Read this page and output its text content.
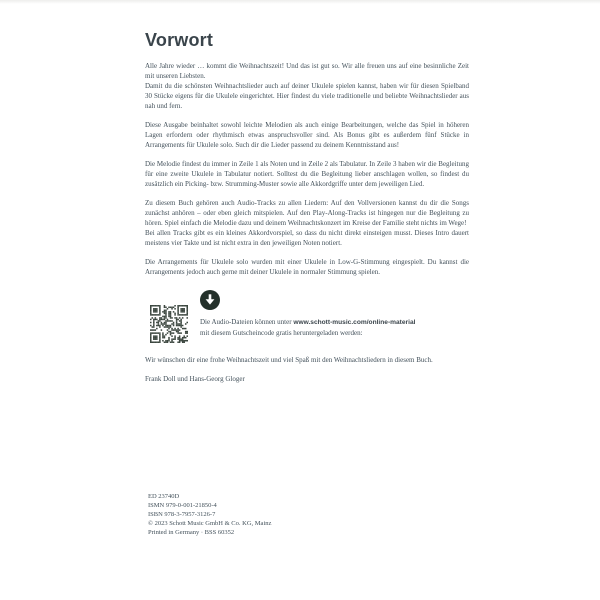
Vorwort

Alle Jahre wieder … kommt die Weihnachtszeit! Und das ist gut so. Wir alle freuen uns auf eine besinnliche Zeit mit unseren Liebsten.
Damit du die schönsten Weihnachtslieder auch auf deiner Ukulele spielen kannst, haben wir für diesen Spielband 30 Stücke eigens für die Ukulele eingerichtet. Hier findest du viele traditionelle und beliebte Weihnachtslieder aus nah und fern.

Diese Ausgabe beinhaltet sowohl leichte Melodien als auch einige Bearbeitungen, welche das Spiel in höheren Lagen erfordern oder rhythmisch etwas anspruchsvoller sind. Als Bonus gibt es außerdem fünf Stücke in Arrangements für Ukulele solo. Such dir die Lieder passend zu deinem Kenntnisstand aus!

Die Melodie findest du immer in Zeile 1 als Noten und in Zeile 2 als Tabulatur. In Zeile 3 haben wir die Begleitung für eine zweite Ukulele in Tabulatur notiert. Solltest du die Begleitung lieber anschlagen wollen, so findest du zusätzlich ein Picking- bzw. Strumming-Muster sowie alle Akkordgriffe unter dem jeweiligen Lied.

Zu diesem Buch gehören auch Audio-Tracks zu allen Liedern: Auf den Vollversionen kannst du dir die Songs zunächst anhören – oder eben gleich mitspielen. Auf den Play-Along-Tracks ist hingegen nur die Begleitung zu hören. Spiel einfach die Melodie dazu und deinem Weihnachtskonzert im Kreise der Familie steht nichts im Wege!
Bei allen Tracks gibt es ein kleines Akkordvorspiel, so dass du nicht direkt einsteigen musst. Dieses Intro dauert meistens vier Takte und ist nicht extra in den jeweiligen Noten notiert.

Die Arrangements für Ukulele solo wurden mit einer Ukulele in Low-G-Stimmung eingespielt. Du kannst die Arrangements jedoch auch gerne mit deiner Ukulele in normaler Stimmung spielen.

Die Audio-Dateien können unter www.schott-music.com/online-material
mit diesem Gutscheincode gratis heruntergeladen werden:

Wir wünschen dir eine frohe Weihnachtszeit und viel Spaß mit den Weihnachtsliedern in diesem Buch.

Frank Doll und Hans-Georg Gloger

ED 23740D
ISMN 979-0-001-21850-4
ISBN 978-3-7957-3126-7
© 2023 Schott Music GmbH & Co. KG, Mainz
Printed in Germany · BSS 60352
